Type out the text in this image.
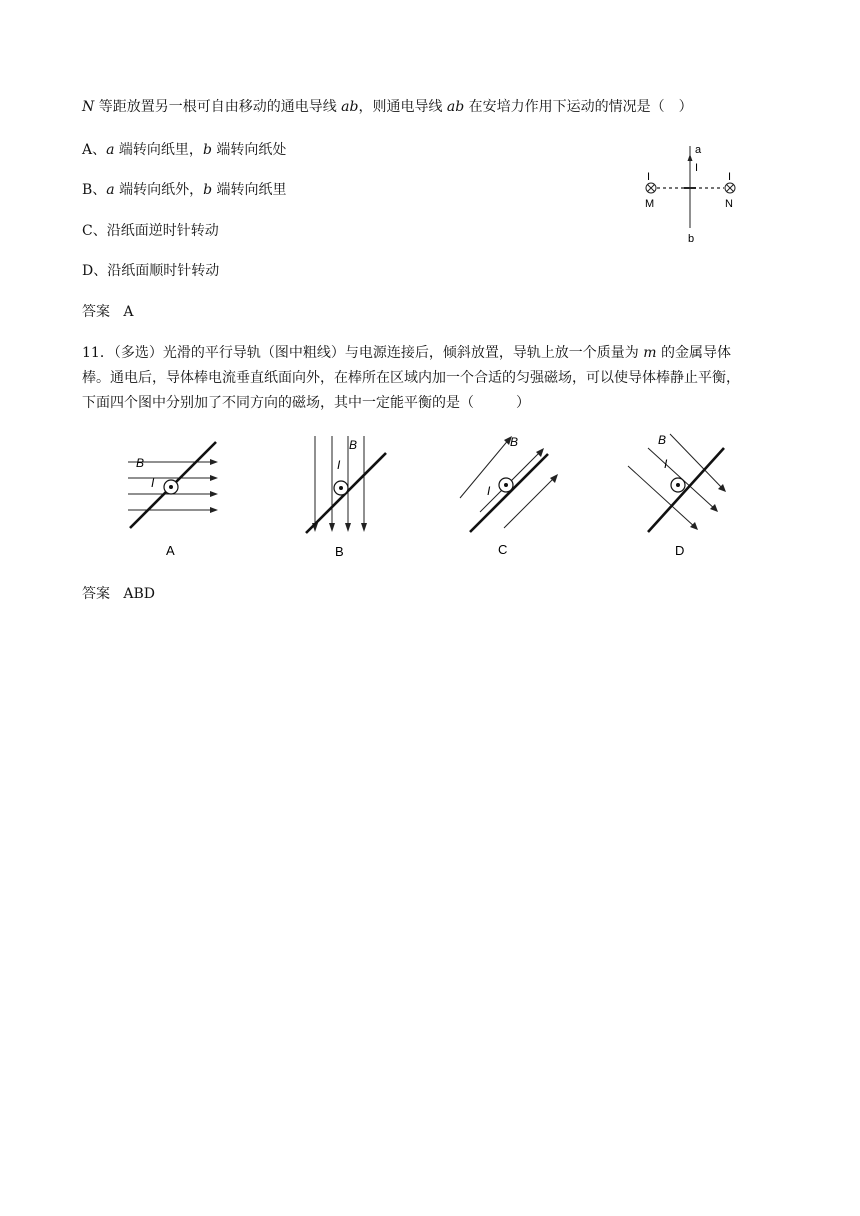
N 等距放置另一根可自由移动的通电导线 ab，则通电导线 ab 在安培力作用下运动的情况是（　）
A、a 端转向纸里，b 端转向纸处
B、a 端转向纸外，b 端转向纸里
C、沿纸面逆时针转动
D、沿纸面顺时针转动
答案 A
a
I
b
I	I
M	N
11．（多选）光滑的平行导轨（图中粗线）与电源连接后，倾斜放置，导轨上放一个质量为 m 的金属导体
棒。通电后，导体棒电流垂直纸面向外，在棒所在区域内加一个合适的匀强磁场，可以使导体棒静止平衡，
下面四个图中分别加了不同方向的磁场，其中一定能平衡的是（　　　）
B
I
A
B
I
B
B
I
C
B
I
D
答案 ABD
